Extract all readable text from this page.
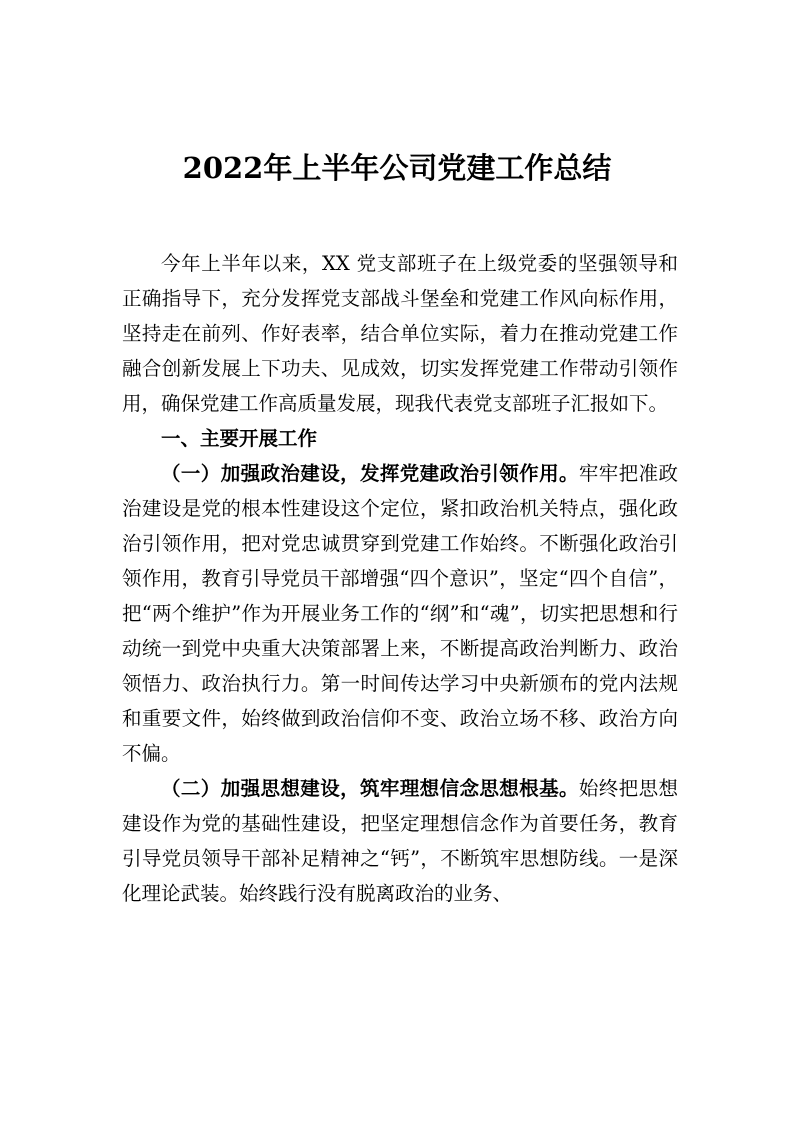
2022年上半年公司党建工作总结

今年上半年以来，XX 党支部班子在上级党委的坚强领导和正确指导下，充分发挥党支部战斗堡垒和党建工作风向标作用，坚持走在前列、作好表率，结合单位实际，着力在推动党建工作融合创新发展上下功夫、见成效，切实发挥党建工作带动引领作用，确保党建工作高质量发展，现我代表党支部班子汇报如下。

一、主要开展工作

（一）加强政治建设，发挥党建政治引领作用。牢牢把准政治建设是党的根本性建设这个定位，紧扣政治机关特点，强化政治引领作用，把对党忠诚贯穿到党建工作始终。不断强化政治引领作用，教育引导党员干部增强“四个意识”，坚定“四个自信”，把“两个维护”作为开展业务工作的“纲”和“魂”，切实把思想和行动统一到党中央重大决策部署上来，不断提高政治判断力、政治领悟力、政治执行力。第一时间传达学习中央新颁布的党内法规和重要文件，始终做到政治信仰不变、政治立场不移、政治方向不偏。

（二）加强思想建设，筑牢理想信念思想根基。始终把思想建设作为党的基础性建设，把坚定理想信念作为首要任务，教育引导党员领导干部补足精神之“钙”，不断筑牢思想防线。一是深化理论武装。始终践行没有脱离政治的业务、
